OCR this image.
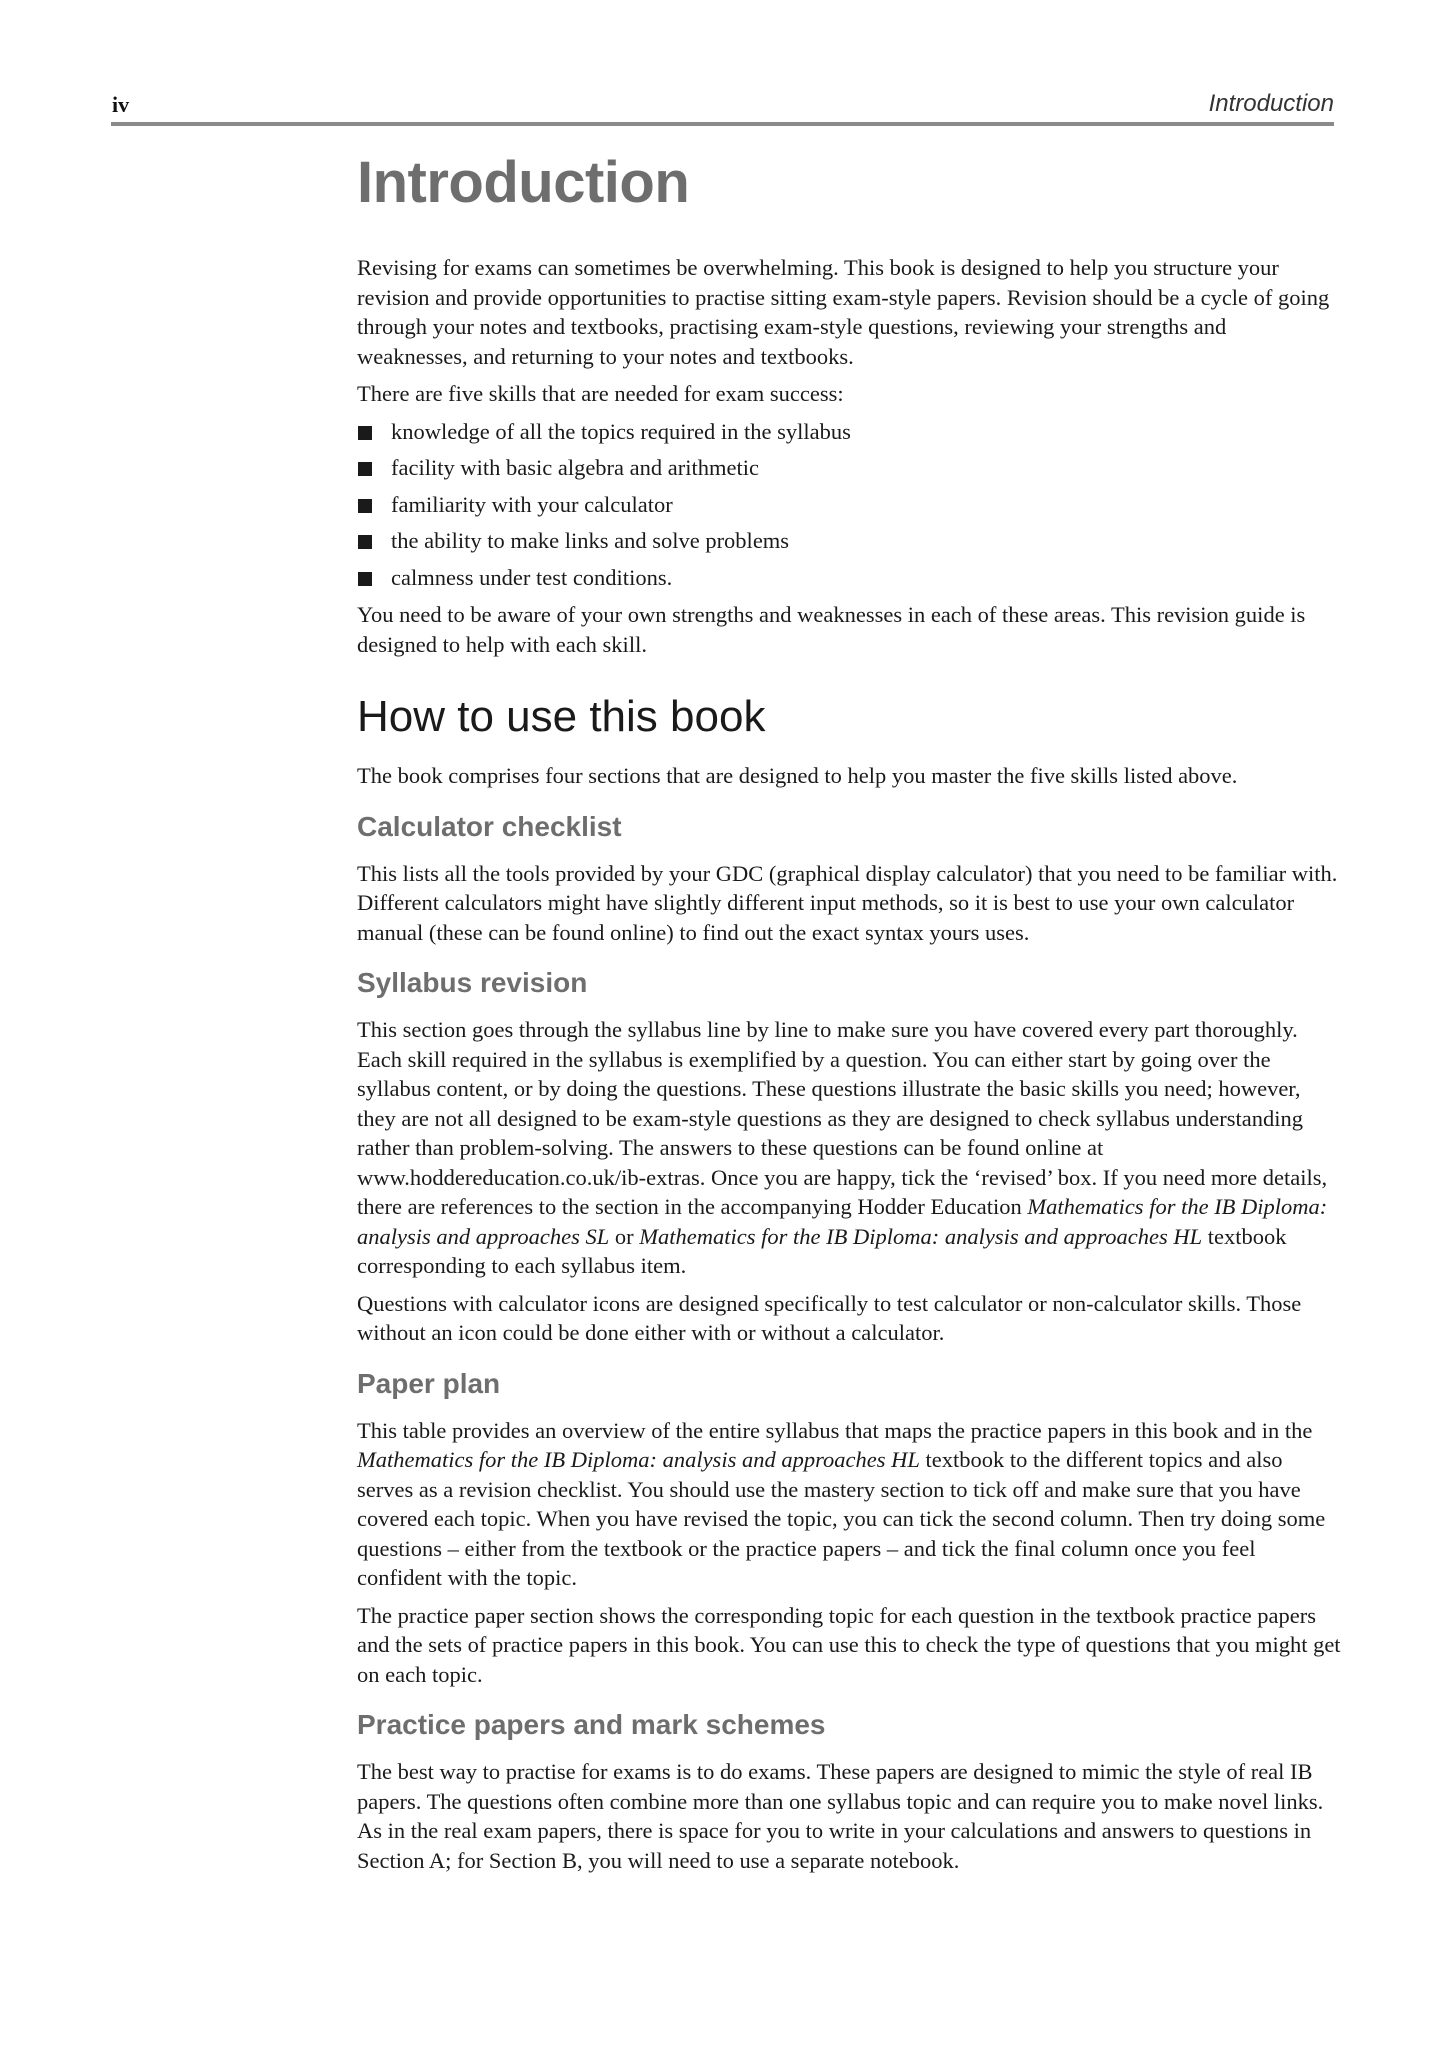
iv	Introduction
Introduction

Revising for exams can sometimes be overwhelming. This book is designed to help you structure your revision and provide opportunities to practise sitting exam-style papers. Revision should be a cycle of going through your notes and textbooks, practising exam-style questions, reviewing your strengths and weaknesses, and returning to your notes and textbooks.

There are five skills that are needed for exam success:

knowledge of all the topics required in the syllabus
facility with basic algebra and arithmetic
familiarity with your calculator
the ability to make links and solve problems
calmness under test conditions.

You need to be aware of your own strengths and weaknesses in each of these areas. This revision guide is designed to help with each skill.

How to use this book

The book comprises four sections that are designed to help you master the five skills listed above.

Calculator checklist

This lists all the tools provided by your GDC (graphical display calculator) that you need to be familiar with. Different calculators might have slightly different input methods, so it is best to use your own calculator manual (these can be found online) to find out the exact syntax yours uses.

Syllabus revision

This section goes through the syllabus line by line to make sure you have covered every part thoroughly. Each skill required in the syllabus is exemplified by a question. You can either start by going over the syllabus content, or by doing the questions. These questions illustrate the basic skills you need; however, they are not all designed to be exam-style questions as they are designed to check syllabus understanding rather than problem-solving. The answers to these questions can be found online at www.hoddereducation.co.uk/ib-extras. Once you are happy, tick the ‘revised’ box. If you need more details, there are references to the section in the accompanying Hodder Education Mathematics for the IB Diploma: analysis and approaches SL or Mathematics for the IB Diploma: analysis and approaches HL textbook corresponding to each syllabus item.

Questions with calculator icons are designed specifically to test calculator or non-calculator skills. Those without an icon could be done either with or without a calculator.

Paper plan

This table provides an overview of the entire syllabus that maps the practice papers in this book and in the Mathematics for the IB Diploma: analysis and approaches HL textbook to the different topics and also serves as a revision checklist. You should use the mastery section to tick off and make sure that you have covered each topic. When you have revised the topic, you can tick the second column. Then try doing some questions – either from the textbook or the practice papers – and tick the final column once you feel confident with the topic.

The practice paper section shows the corresponding topic for each question in the textbook practice papers and the sets of practice papers in this book. You can use this to check the type of questions that you might get on each topic.

Practice papers and mark schemes

The best way to practise for exams is to do exams. These papers are designed to mimic the style of real IB papers. The questions often combine more than one syllabus topic and can require you to make novel links. As in the real exam papers, there is space for you to write in your calculations and answers to questions in Section A; for Section B, you will need to use a separate notebook.
